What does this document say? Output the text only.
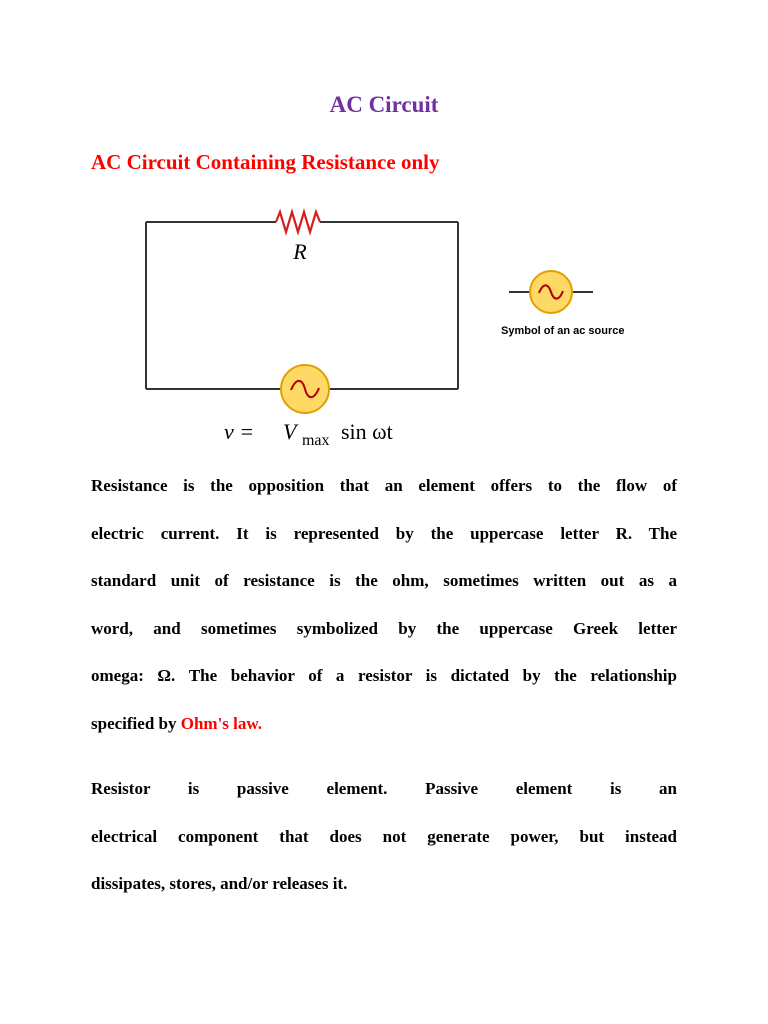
AC Circuit
AC Circuit Containing Resistance only
R
v = V $_{max}$ sin ωt
Symbol of an ac source
Resistance is the opposition that an element offers to the flow of
electric current. It is represented by the uppercase letter R. The
standard unit of resistance is the ohm, sometimes written out as a
word, and sometimes symbolized by the uppercase Greek letter
omega: Ω. The behavior of a resistor is dictated by the relationship
specified by Ohm's law.
Resistor is passive element. Passive element is an
electrical component that does not generate power, but instead
dissipates, stores, and/or releases it.
